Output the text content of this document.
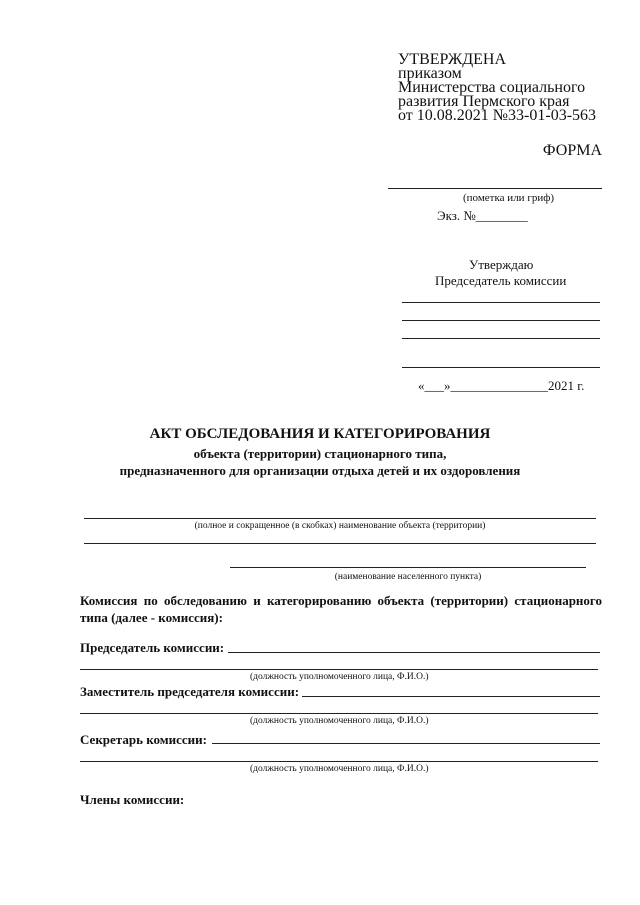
УТВЕРЖДЕНА
приказом
Министерства социального
развития Пермского края
от 10.08.2021 №33-01-03-563
ФОРМА
(пометка или гриф)
Экз. №________
Утверждаю
Председатель комиссии
«___»_______________2021 г.
АКТ ОБСЛЕДОВАНИЯ И КАТЕГОРИРОВАНИЯ
объекта (территории) стационарного типа,
предназначенного для организации отдыха детей и их оздоровления
(полное и сокращенное (в скобках) наименование объекта (территории)
(наименование населенного пункта)
Комиссия по обследованию и категорированию объекта (территории) стационарного типа (далее - комиссия):
Председатель комиссии:
(должность уполномоченного лица, Ф.И.О.)
Заместитель председателя комиссии:
(должность уполномоченного лица, Ф.И.О.)
Секретарь комиссии:
(должность уполномоченного лица, Ф.И.О.)
Члены комиссии:
